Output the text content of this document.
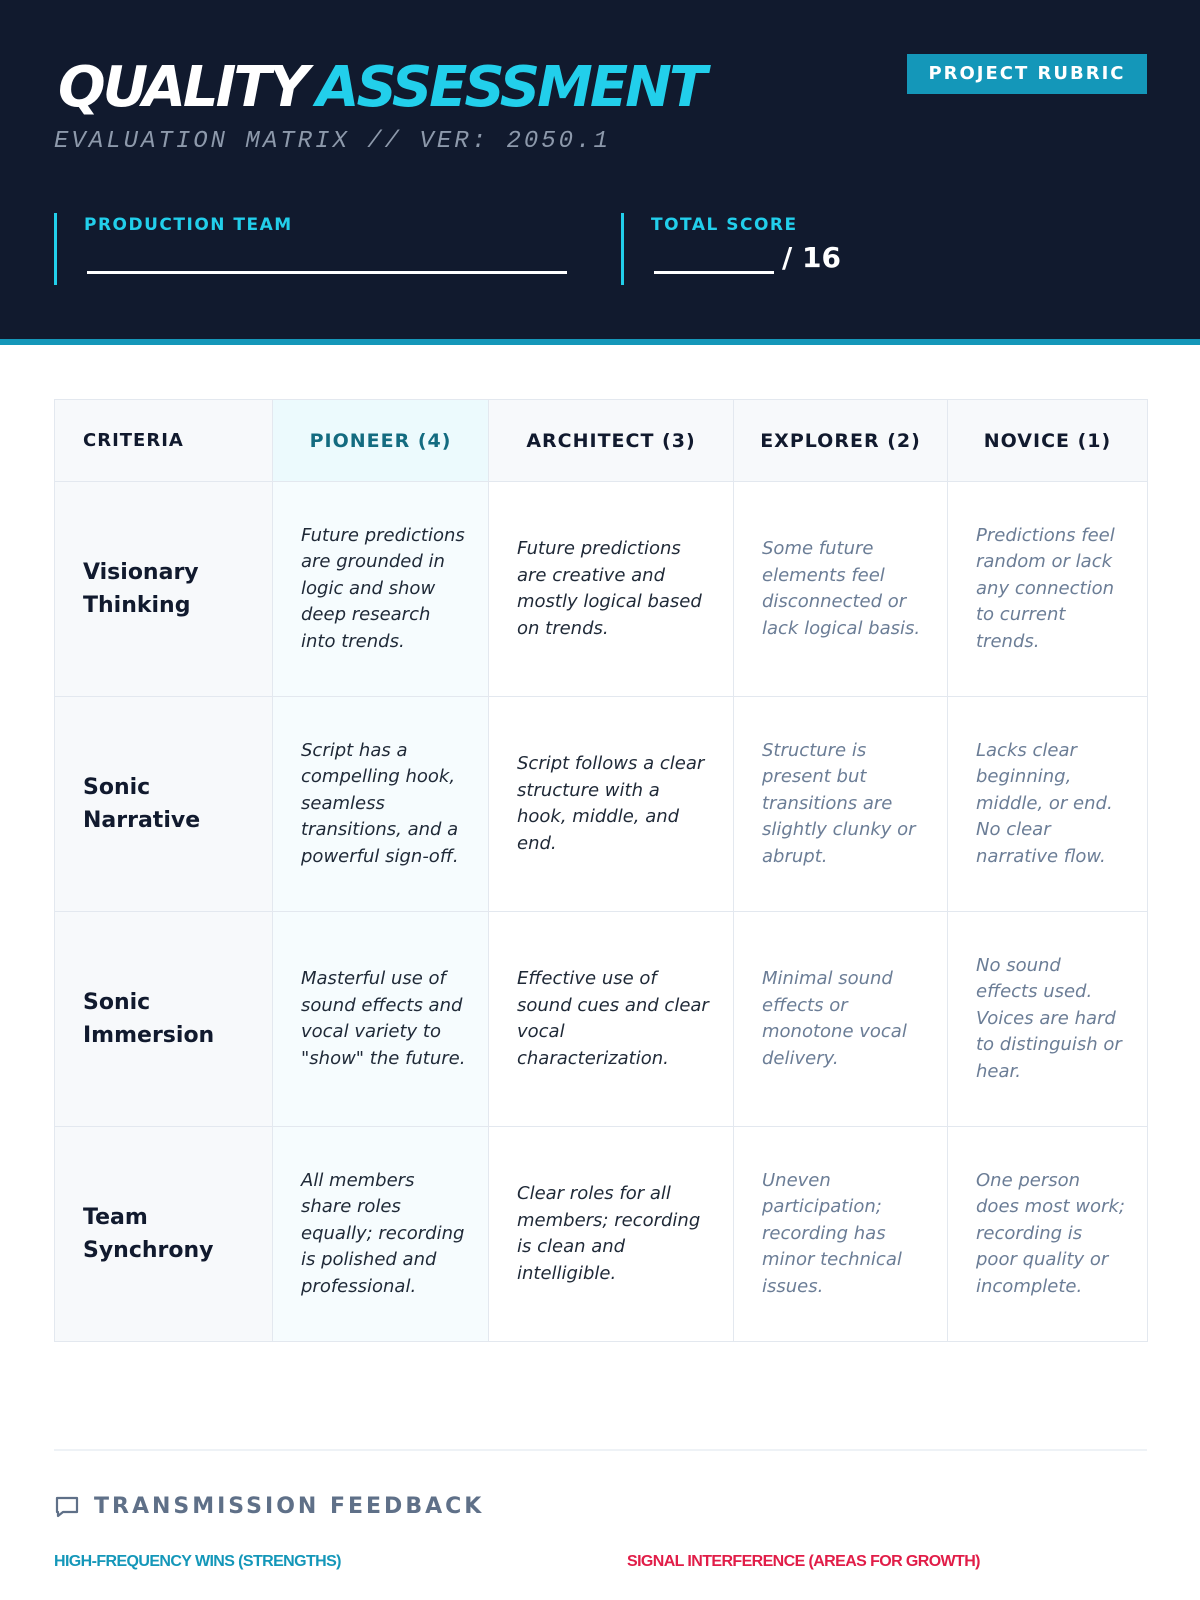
QUALITY ASSESSMENT
EVALUATION MATRIX // VER: 2050.1
PROJECT RUBRIC
PRODUCTION TEAM	TOTAL SCORE
/ 16
CRITERIA	PIONEER (4)	ARCHITECT (3)	EXPLORER (2)	NOVICE (1)
Visionary Thinking	Future predictions are grounded in logic and show deep research into trends.	Future predictions are creative and mostly logical based on trends.	Some future elements feel disconnected or lack logical basis.	Predictions feel random or lack any connection to current trends.
Sonic Narrative	Script has a compelling hook, seamless transitions, and a powerful sign-off.	Script follows a clear structure with a hook, middle, and end.	Structure is present but transitions are slightly clunky or abrupt.	Lacks clear beginning, middle, or end. No clear narrative flow.
Sonic Immersion	Masterful use of sound effects and vocal variety to "show" the future.	Effective use of sound cues and clear vocal characterization.	Minimal sound effects or monotone vocal delivery.	No sound effects used. Voices are hard to distinguish or hear.
Team Synchrony	All members share roles equally; recording is polished and professional.	Clear roles for all members; recording is clean and intelligible.	Uneven participation; recording has minor technical issues.	One person does most work; recording is poor quality or incomplete.
TRANSMISSION FEEDBACK
HIGH-FREQUENCY WINS (STRENGTHS)	SIGNAL INTERFERENCE (AREAS FOR GROWTH)
